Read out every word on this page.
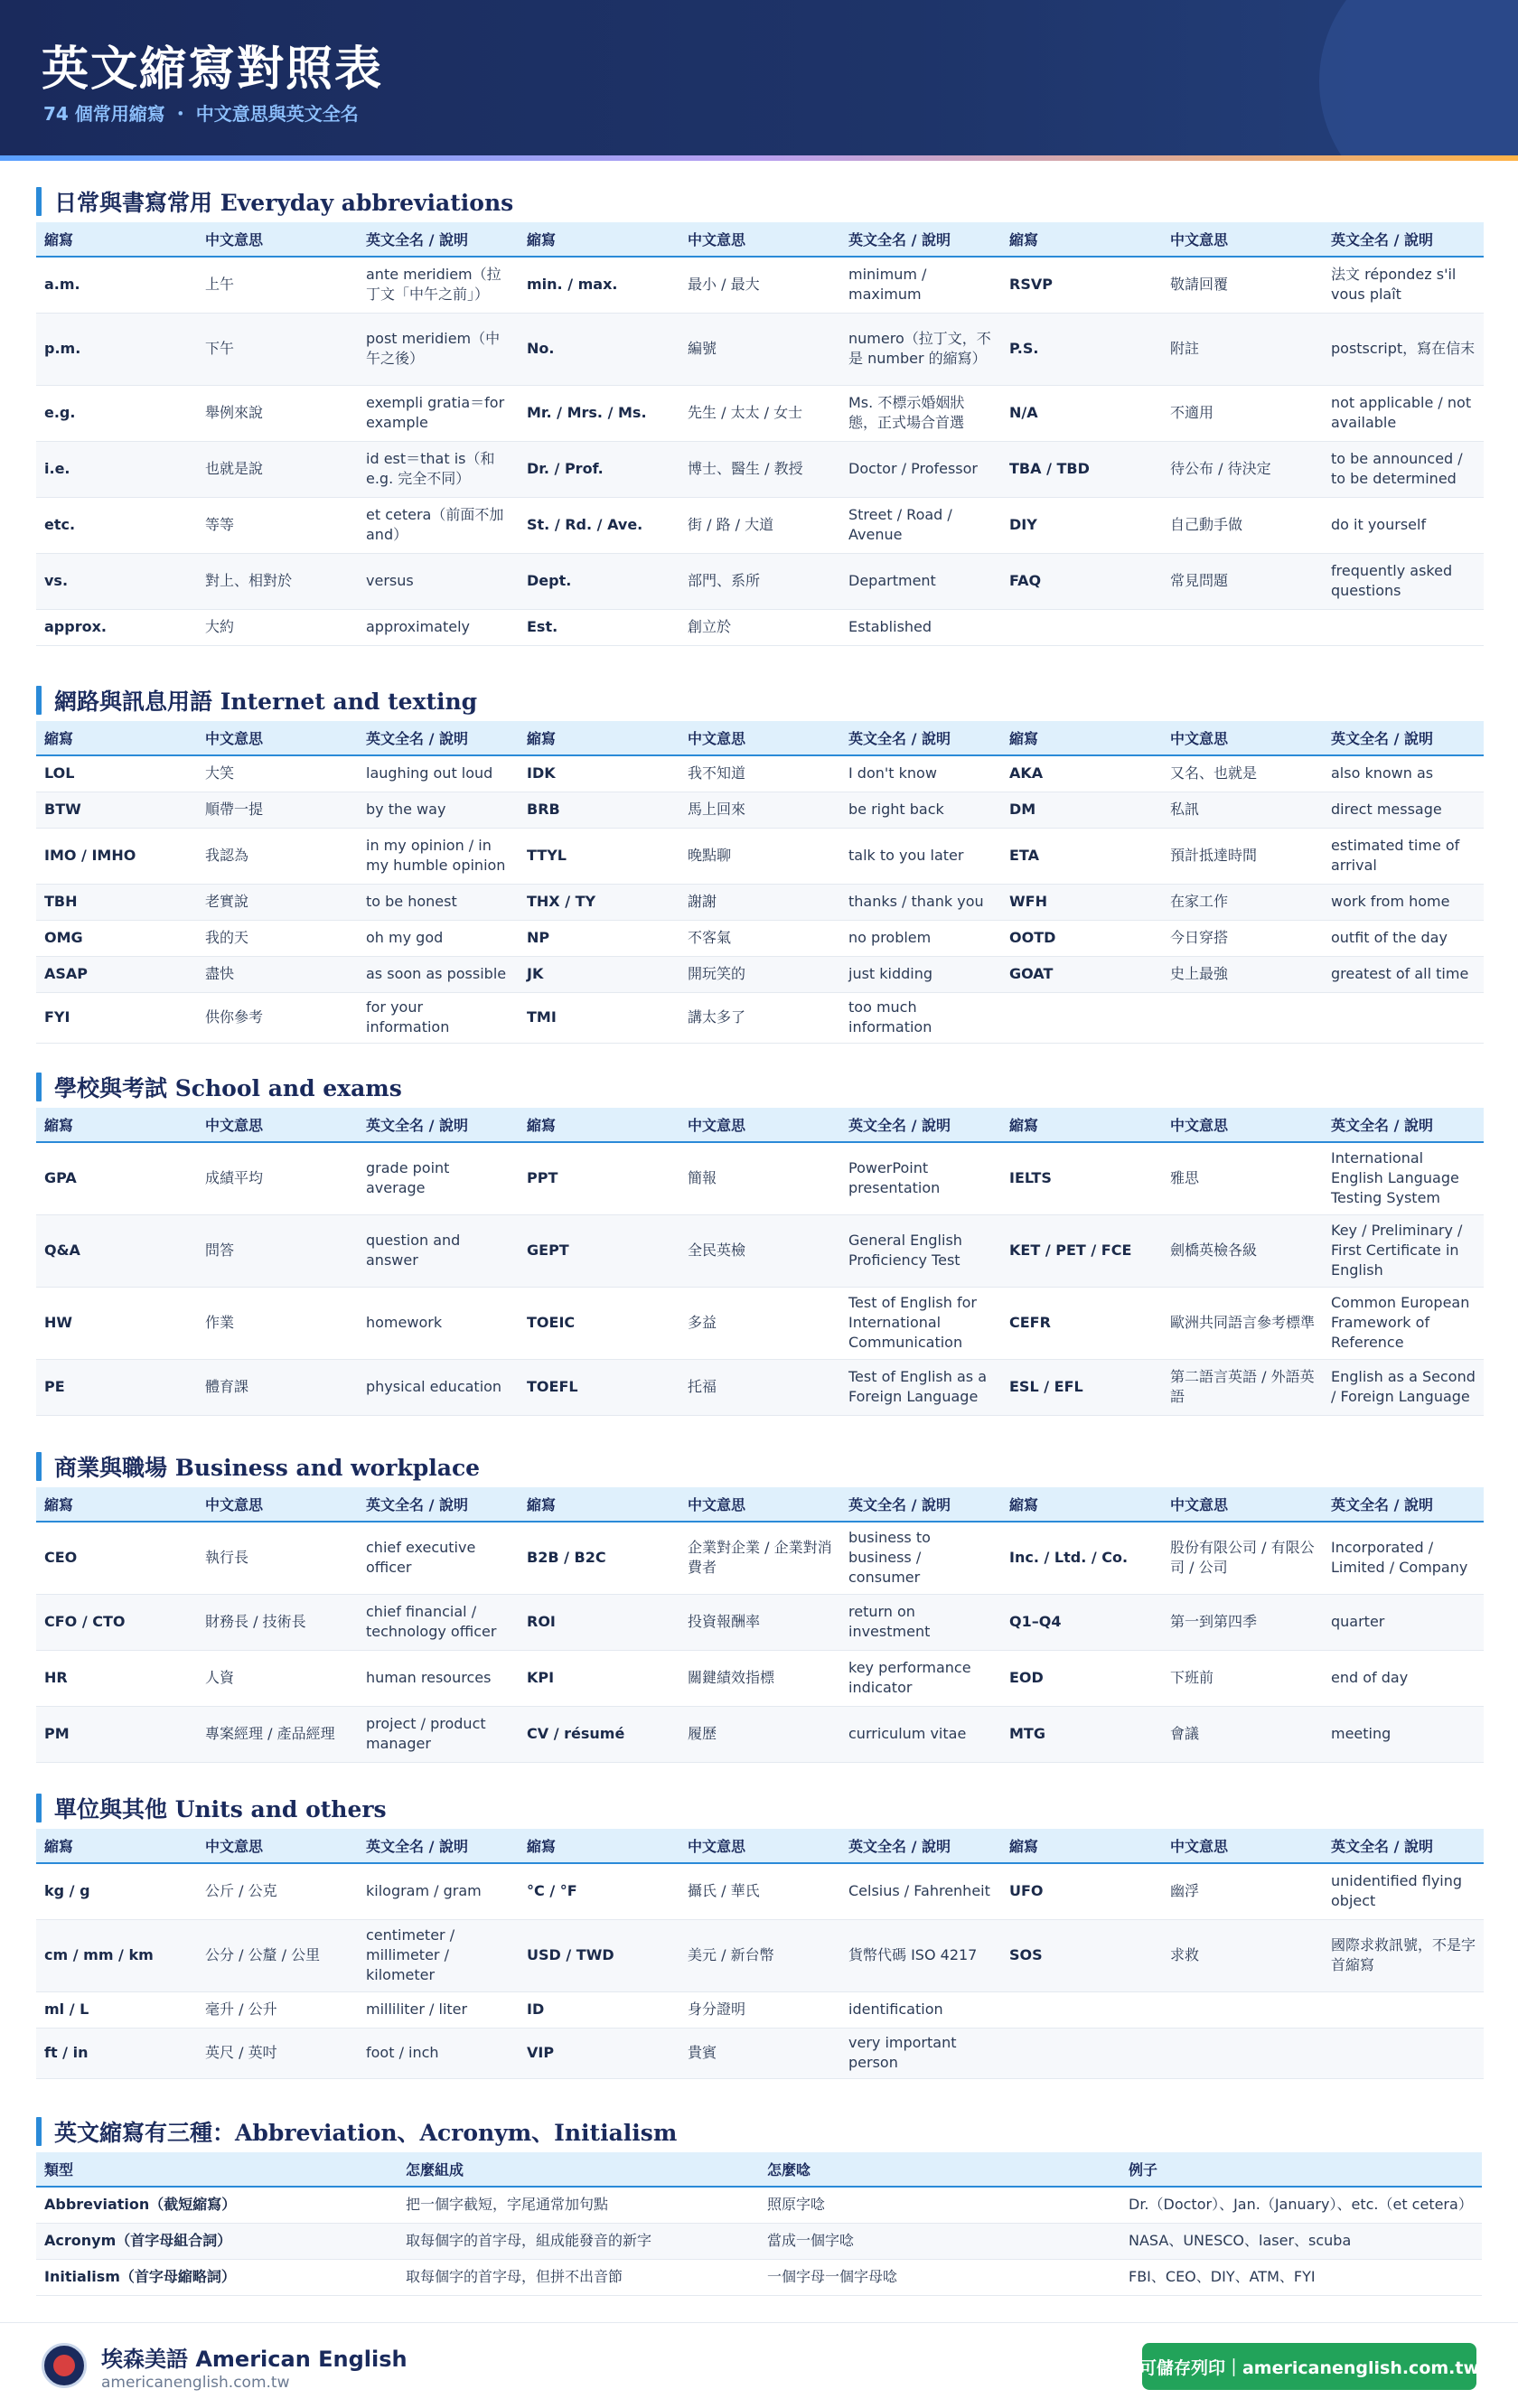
英文縮寫對照表
74 個常用縮寫 ・ 中文意思與英文全名
日常與書寫常用 Everyday abbreviations
縮寫	中文意思	英文全名 / 說明	縮寫	中文意思	英文全名 / 說明	縮寫	中文意思	英文全名 / 說明
a.m.	上午	ante meridiem（拉丁文「中午之前」）	min. / max.	最小 / 最大	minimum / maximum	RSVP	敬請回覆	法文 répondez s'il vous plaît
p.m.	下午	post meridiem（中午之後）	No.	編號	numero（拉丁文，不是 number 的縮寫）	P.S.	附註	postscript，寫在信末
e.g.	舉例來說	exempli gratia＝for example	Mr. / Mrs. / Ms.	先生 / 太太 / 女士	Ms. 不標示婚姻狀態，正式場合首選	N/A	不適用	not applicable / not available
i.e.	也就是說	id est＝that is（和 e.g. 完全不同）	Dr. / Prof.	博士、醫生 / 教授	Doctor / Professor	TBA / TBD	待公布 / 待決定	to be announced / to be determined
etc.	等等	et cetera（前面不加 and）	St. / Rd. / Ave.	街 / 路 / 大道	Street / Road / Avenue	DIY	自己動手做	do it yourself
vs.	對上、相對於	versus	Dept.	部門、系所	Department	FAQ	常見問題	frequently asked questions
approx.	大約	approximately	Est.	創立於	Established			
網路與訊息用語 Internet and texting
縮寫	中文意思	英文全名 / 說明	縮寫	中文意思	英文全名 / 說明	縮寫	中文意思	英文全名 / 說明
LOL	大笑	laughing out loud	IDK	我不知道	I don't know	AKA	又名、也就是	also known as
BTW	順帶一提	by the way	BRB	馬上回來	be right back	DM	私訊	direct message
IMO / IMHO	我認為	in my opinion / in my humble opinion	TTYL	晚點聊	talk to you later	ETA	預計抵達時間	estimated time of arrival
TBH	老實說	to be honest	THX / TY	謝謝	thanks / thank you	WFH	在家工作	work from home
OMG	我的天	oh my god	NP	不客氣	no problem	OOTD	今日穿搭	outfit of the day
ASAP	盡快	as soon as possible	JK	開玩笑的	just kidding	GOAT	史上最強	greatest of all time
FYI	供你參考	for your information	TMI	講太多了	too much information			
學校與考試 School and exams
縮寫	中文意思	英文全名 / 說明	縮寫	中文意思	英文全名 / 說明	縮寫	中文意思	英文全名 / 說明
GPA	成績平均	grade point average	PPT	簡報	PowerPoint presentation	IELTS	雅思	International English Language Testing System
Q&A	問答	question and answer	GEPT	全民英檢	General English Proficiency Test	KET / PET / FCE	劍橋英檢各級	Key / Preliminary / First Certificate in English
HW	作業	homework	TOEIC	多益	Test of English for International Communication	CEFR	歐洲共同語言參考標準	Common European Framework of Reference
PE	體育課	physical education	TOEFL	托福	Test of English as a Foreign Language	ESL / EFL	第二語言英語 / 外語英語	English as a Second / Foreign Language
商業與職場 Business and workplace
縮寫	中文意思	英文全名 / 說明	縮寫	中文意思	英文全名 / 說明	縮寫	中文意思	英文全名 / 說明
CEO	執行長	chief executive officer	B2B / B2C	企業對企業 / 企業對消費者	business to business / consumer	Inc. / Ltd. / Co.	股份有限公司 / 有限公司 / 公司	Incorporated / Limited / Company
CFO / CTO	財務長 / 技術長	chief financial / technology officer	ROI	投資報酬率	return on investment	Q1–Q4	第一到第四季	quarter
HR	人資	human resources	KPI	關鍵績效指標	key performance indicator	EOD	下班前	end of day
PM	專案經理 / 產品經理	project / product manager	CV / résumé	履歷	curriculum vitae	MTG	會議	meeting
單位與其他 Units and others
縮寫	中文意思	英文全名 / 說明	縮寫	中文意思	英文全名 / 說明	縮寫	中文意思	英文全名 / 說明
kg / g	公斤 / 公克	kilogram / gram	°C / °F	攝氏 / 華氏	Celsius / Fahrenheit	UFO	幽浮	unidentified flying object
cm / mm / km	公分 / 公釐 / 公里	centimeter / millimeter / kilometer	USD / TWD	美元 / 新台幣	貨幣代碼 ISO 4217	SOS	求救	國際求救訊號，不是字首縮寫
ml / L	毫升 / 公升	milliliter / liter	ID	身分證明	identification			
ft / in	英尺 / 英吋	foot / inch	VIP	貴賓	very important person			
英文縮寫有三種：Abbreviation、Acronym、Initialism
類型	怎麼組成	怎麼唸	例子
Abbreviation（截短縮寫）	把一個字截短，字尾通常加句點	照原字唸	Dr.（Doctor）、Jan.（January）、etc.（et cetera）
Acronym（首字母組合詞）	取每個字的首字母，組成能發音的新字	當成一個字唸	NASA、UNESCO、laser、scuba
Initialism（首字母縮略詞）	取每個字的首字母，但拼不出音節	一個字母一個字母唸	FBI、CEO、DIY、ATM、FYI
埃森美語 American English
americanenglish.com.tw
可儲存列印｜americanenglish.com.tw
